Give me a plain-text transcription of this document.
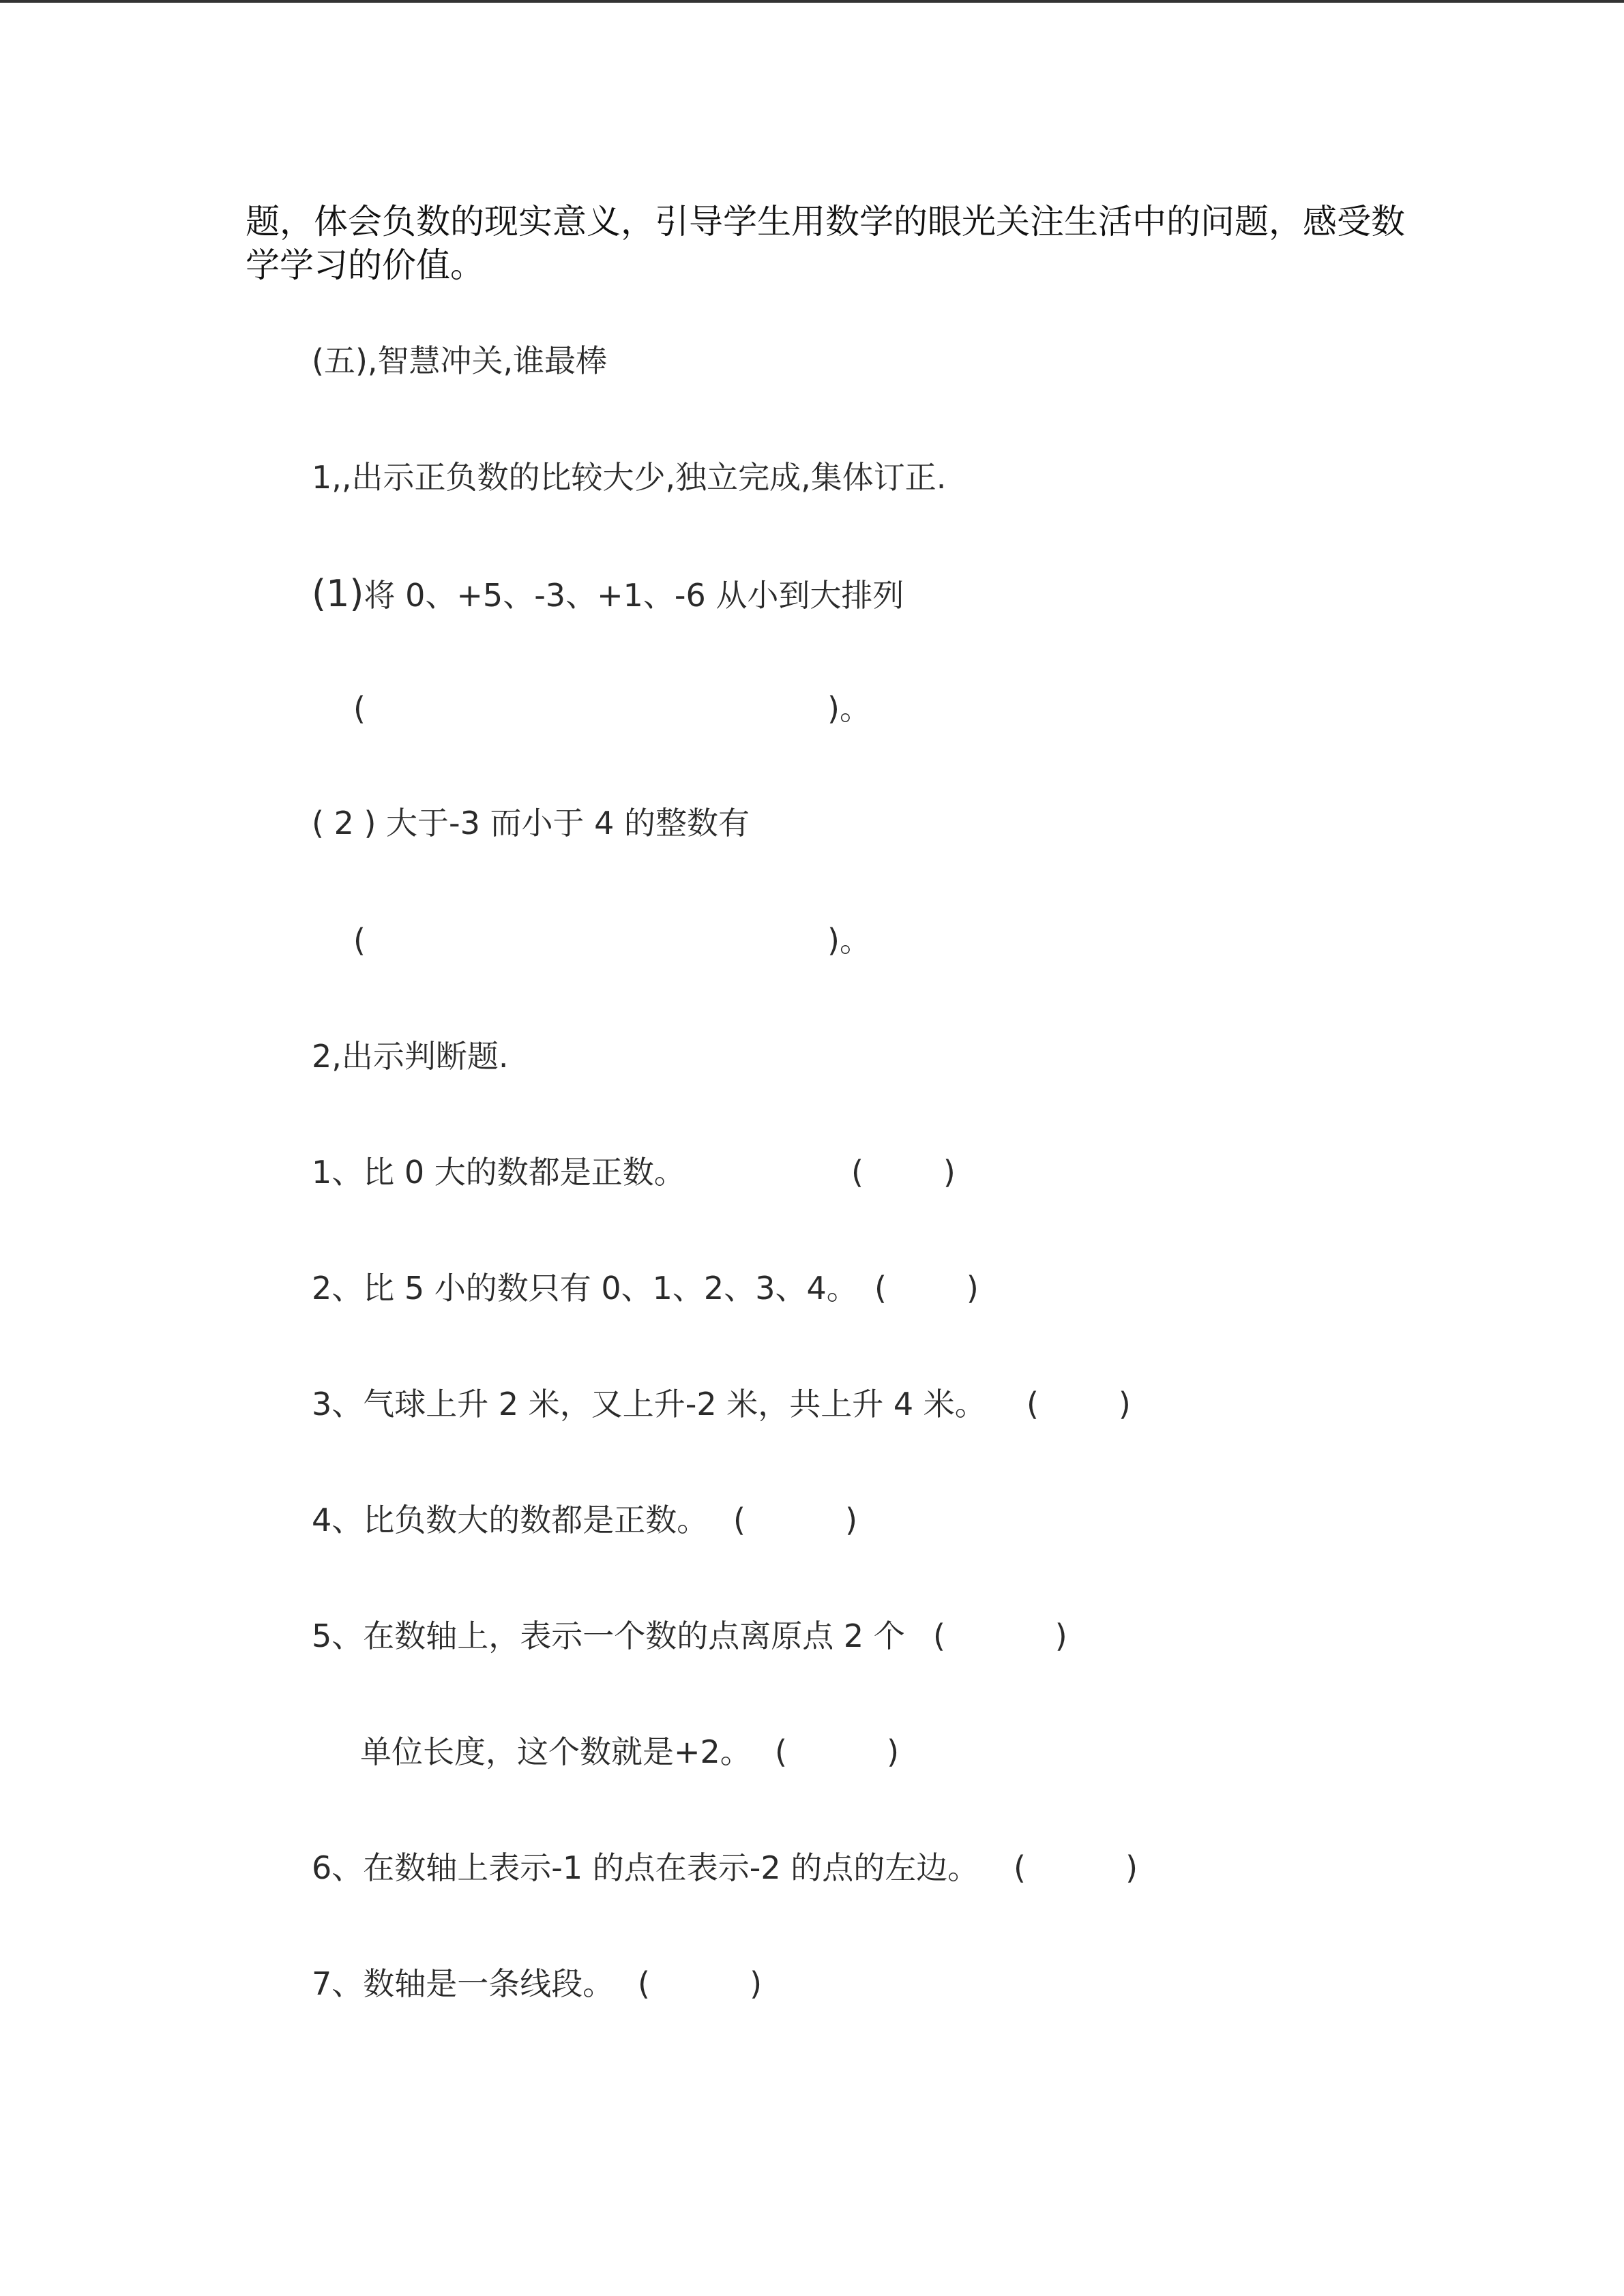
题，体会负数的现实意义，引导学生用数学的眼光关注生活中的问题，感受数
学学习的价值。
(五),智慧冲关,谁最棒
1,,出示正负数的比较大少,独立完成,集体订正.
(1)将 0、+5、-3、+1、-6 从小到大排列
(	)。
( 2 ) 大于-3 而小于 4 的整数有
(	)。
2,出示判断题.
1、比 0 大的数都是正数。	(        )
2、比 5 小的数只有 0、1、2、3、4。 (        )
3、气球上升 2 米，又上升-2 米，共上升 4 米。 (        )
4、比负数大的数都是正数。 (          )
5、在数轴上，表示一个数的点离原点 2 个 (           )
单位长度，这个数就是+2。 (          )
6、在数轴上表示-1 的点在表示-2 的点的左边。 (          )
7、数轴是一条线段。 (          )
